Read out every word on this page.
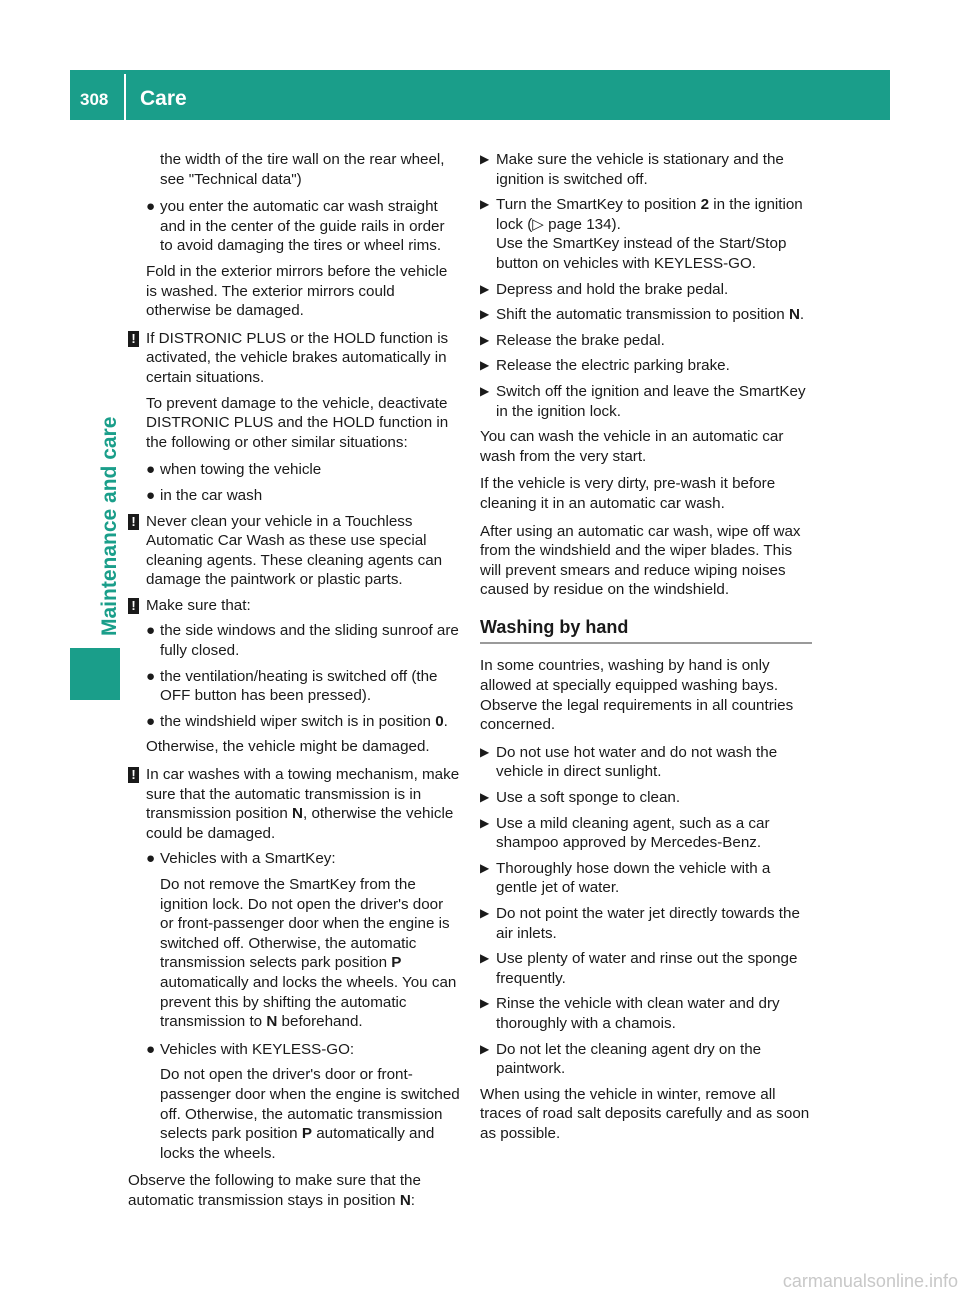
308 Care
Maintenance and care

the width of the tire wall on the rear wheel, see "Technical data")

● you enter the automatic car wash straight and in the center of the guide rails in order to avoid damaging the tires or wheel rims.

Fold in the exterior mirrors before the vehicle is washed. The exterior mirrors could otherwise be damaged.

! If DISTRONIC PLUS or the HOLD function is activated, the vehicle brakes automatically in certain situations.

To prevent damage to the vehicle, deactivate DISTRONIC PLUS and the HOLD function in the following or other similar situations:

● when towing the vehicle
● in the car wash
! Never clean your vehicle in a Touchless Automatic Car Wash as these use special cleaning agents. These cleaning agents can damage the paintwork or plastic parts.
! Make sure that:
● the side windows and the sliding sunroof are fully closed.
● the ventilation/heating is switched off (the OFF button has been pressed).
● the windshield wiper switch is in position 0.

Otherwise, the vehicle might be damaged.

! In car washes with a towing mechanism, make sure that the automatic transmission is in transmission position N, otherwise the vehicle could be damaged.
● Vehicles with a SmartKey:

Do not remove the SmartKey from the ignition lock. Do not open the driver's door or front-passenger door when the engine is switched off. Otherwise, the automatic transmission selects park position P automatically and locks the wheels. You can prevent this by shifting the automatic transmission to N beforehand.

● Vehicles with KEYLESS-GO:

Do not open the driver's door or front-passenger door when the engine is switched off. Otherwise, the automatic transmission selects park position P automatically and locks the wheels.

Observe the following to make sure that the automatic transmission stays in position N:

▶ Make sure the vehicle is stationary and the ignition is switched off.
▶ Turn the SmartKey to position 2 in the ignition lock (▷ page 134).
Use the SmartKey instead of the Start/Stop button on vehicles with KEYLESS-GO.
▶ Depress and hold the brake pedal.
▶ Shift the automatic transmission to position N.
▶ Release the brake pedal.
▶ Release the electric parking brake.
▶ Switch off the ignition and leave the SmartKey in the ignition lock.

You can wash the vehicle in an automatic car wash from the very start.

If the vehicle is very dirty, pre-wash it before cleaning it in an automatic car wash.

After using an automatic car wash, wipe off wax from the windshield and the wiper blades. This will prevent smears and reduce wiping noises caused by residue on the windshield.

Washing by hand

In some countries, washing by hand is only allowed at specially equipped washing bays. Observe the legal requirements in all countries concerned.

▶ Do not use hot water and do not wash the vehicle in direct sunlight.
▶ Use a soft sponge to clean.
▶ Use a mild cleaning agent, such as a car shampoo approved by Mercedes-Benz.
▶ Thoroughly hose down the vehicle with a gentle jet of water.
▶ Do not point the water jet directly towards the air inlets.
▶ Use plenty of water and rinse out the sponge frequently.
▶ Rinse the vehicle with clean water and dry thoroughly with a chamois.
▶ Do not let the cleaning agent dry on the paintwork.

When using the vehicle in winter, remove all traces of road salt deposits carefully and as soon as possible.

carmanualsonline.info
